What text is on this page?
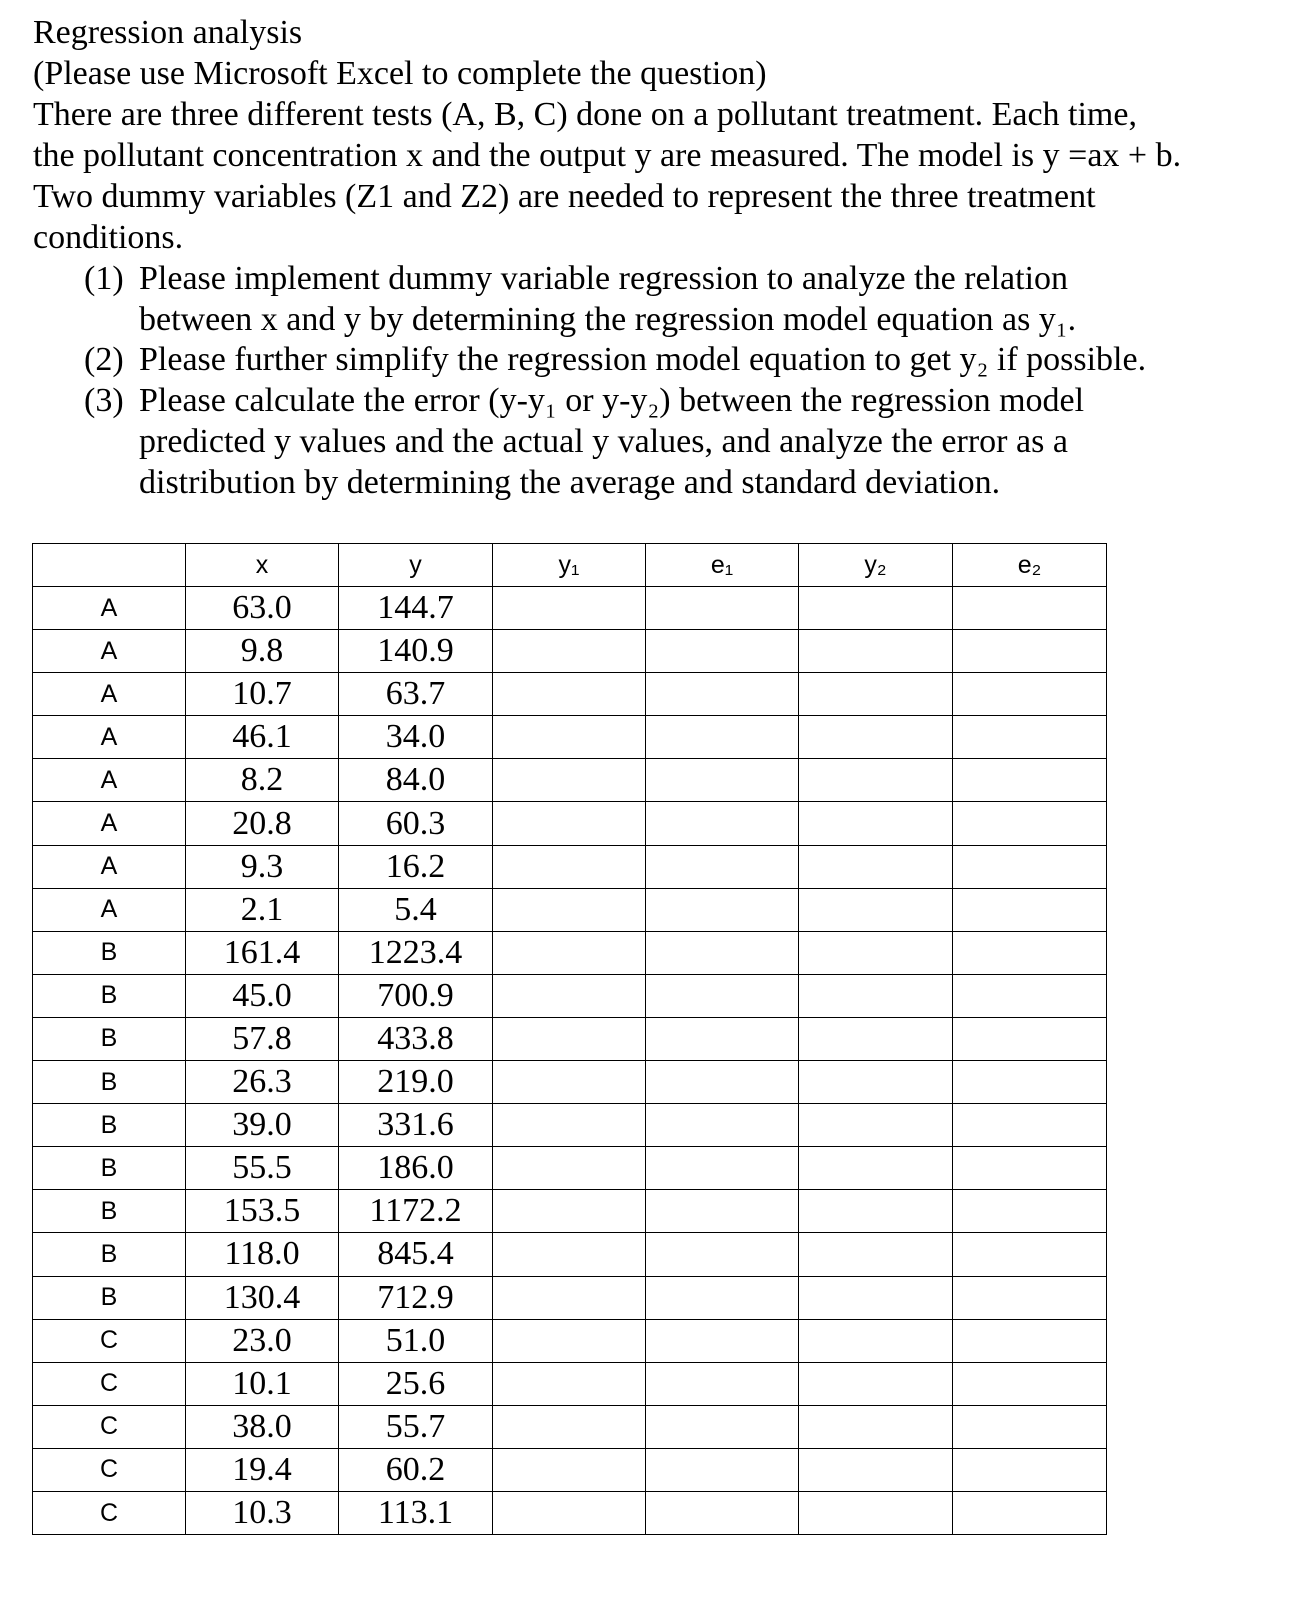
Regression analysis
(Please use Microsoft Excel to complete the question)
There are three different tests (A, B, C) done on a pollutant treatment. Each time,
the pollutant concentration x and the output y are measured. The model is y =ax + b.
Two dummy variables (Z1 and Z2) are needed to represent the three treatment
conditions.
(1) Please implement dummy variable regression to analyze the relation
between x and y by determining the regression model equation as y₁.
(2) Please further simplify the regression model equation to get y₂ if possible.
(3) Please calculate the error (y-y₁ or y-y₂) between the regression model
predicted y values and the actual y values, and analyze the error as a
distribution by determining the average and standard deviation.
	x	y	y₁	e₁	y₂	e₂
A	63.0	144.7				
A	9.8	140.9				
A	10.7	63.7				
A	46.1	34.0				
A	8.2	84.0				
A	20.8	60.3				
A	9.3	16.2				
A	2.1	5.4				
B	161.4	1223.4				
B	45.0	700.9				
B	57.8	433.8				
B	26.3	219.0				
B	39.0	331.6				
B	55.5	186.0				
B	153.5	1172.2				
B	118.0	845.4				
B	130.4	712.9				
C	23.0	51.0				
C	10.1	25.6				
C	38.0	55.7				
C	19.4	60.2				
C	10.3	113.1				
